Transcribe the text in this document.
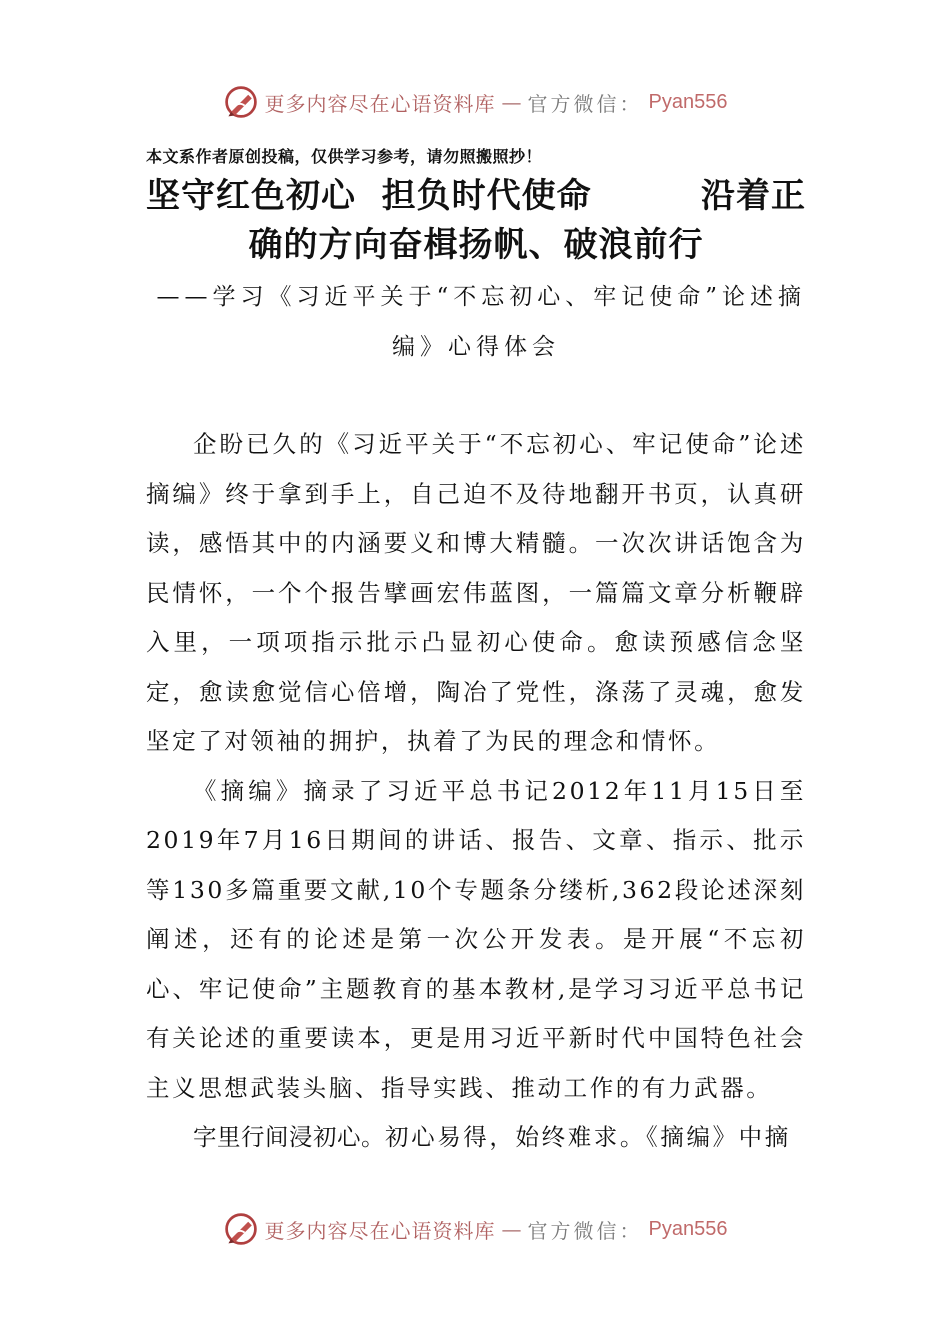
更多内容尽在心语资料库 — 官方微信： Pyan556
本文系作者原创投稿，仅供学习参考，请勿照搬照抄！
坚守红色初心  担负时代使命	沿着正
确的方向奋楫扬帆、破浪前行
——学习《习近平关于“不忘初心、牢记使命”论述摘
编》心得体会

企盼已久的《习近平关于“不忘初心、牢记使命”论述摘编》终于拿到手上，自己迫不及待地翻开书页，认真研读，感悟其中的内涵要义和博大精髓。一次次讲话饱含为民情怀，一个个报告擘画宏伟蓝图，一篇篇文章分析鞭辟入里，一项项指示批示凸显初心使命。愈读预感信念坚定，愈读愈觉信心倍增，陶冶了党性，涤荡了灵魂，愈发坚定了对领袖的拥护，执着了为民的理念和情怀。

《摘编》摘录了习近平总书记2012年11月15日至2019年7月16日期间的讲话、报告、文章、指示、批示等130多篇重要文献,10个专题条分缕析,362段论述深刻阐述，还有的论述是第一次公开发表。是开展“不忘初心、牢记使命”主题教育的基本教材,是学习习近平总书记有关论述的重要读本，更是用习近平新时代中国特色社会主义思想武装头脑、指导实践、推动工作的有力武器。

字里行间浸初心。初心易得，始终难求。《摘编》中摘

更多内容尽在心语资料库 — 官方微信： Pyan556
